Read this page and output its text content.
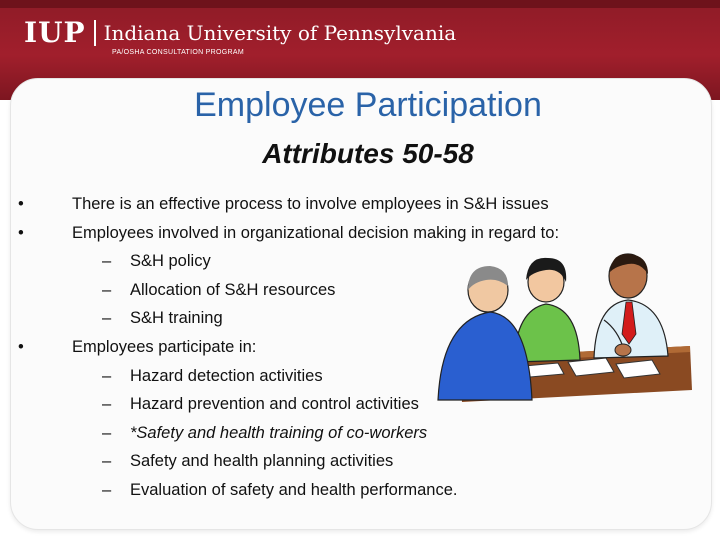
IUP Indiana University of Pennsylvania
PA/OSHA CONSULTATION PROGRAM
Employee Participation
Attributes 50-58
•	There is an effective process to involve employees in S&H issues
•	Employees involved in organizational decision making in regard to:
– S&H policy
– Allocation of S&H resources
– S&H training
•	Employees participate in:
– Hazard detection activities
– Hazard prevention and control activities
– *Safety and health training of co-workers
– Safety and health planning activities
– Evaluation of safety and health performance.
